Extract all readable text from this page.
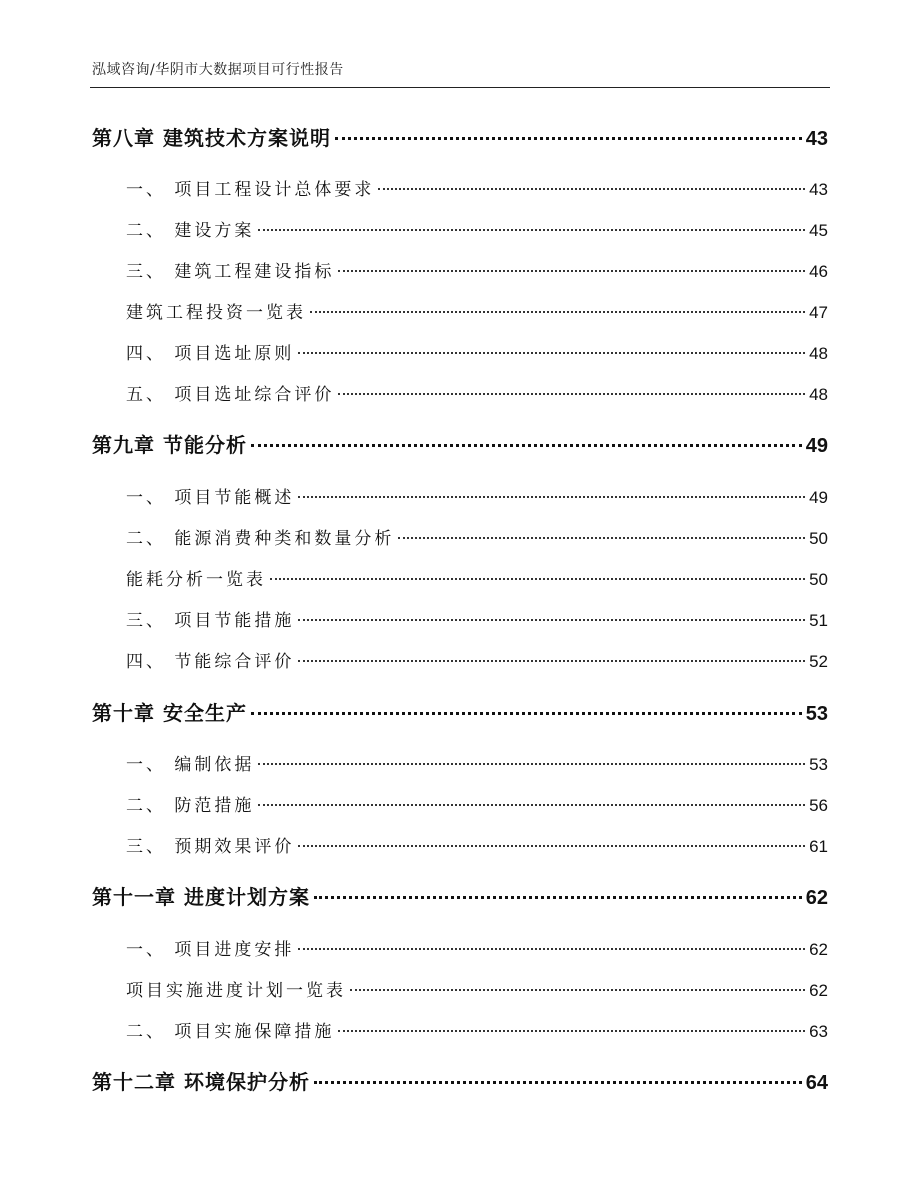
泓域咨询/华阴市大数据项目可行性报告
第八章 建筑技术方案说明	43
一、 项目工程设计总体要求	43
二、 建设方案	45
三、 建筑工程建设指标	46
建筑工程投资一览表	47
四、 项目选址原则	48
五、 项目选址综合评价	48
第九章 节能分析	49
一、 项目节能概述	49
二、 能源消费种类和数量分析	50
能耗分析一览表	50
三、 项目节能措施	51
四、 节能综合评价	52
第十章 安全生产	53
一、 编制依据	53
二、 防范措施	56
三、 预期效果评价	61
第十一章 进度计划方案	62
一、 项目进度安排	62
项目实施进度计划一览表	62
二、 项目实施保障措施	63
第十二章 环境保护分析	64
